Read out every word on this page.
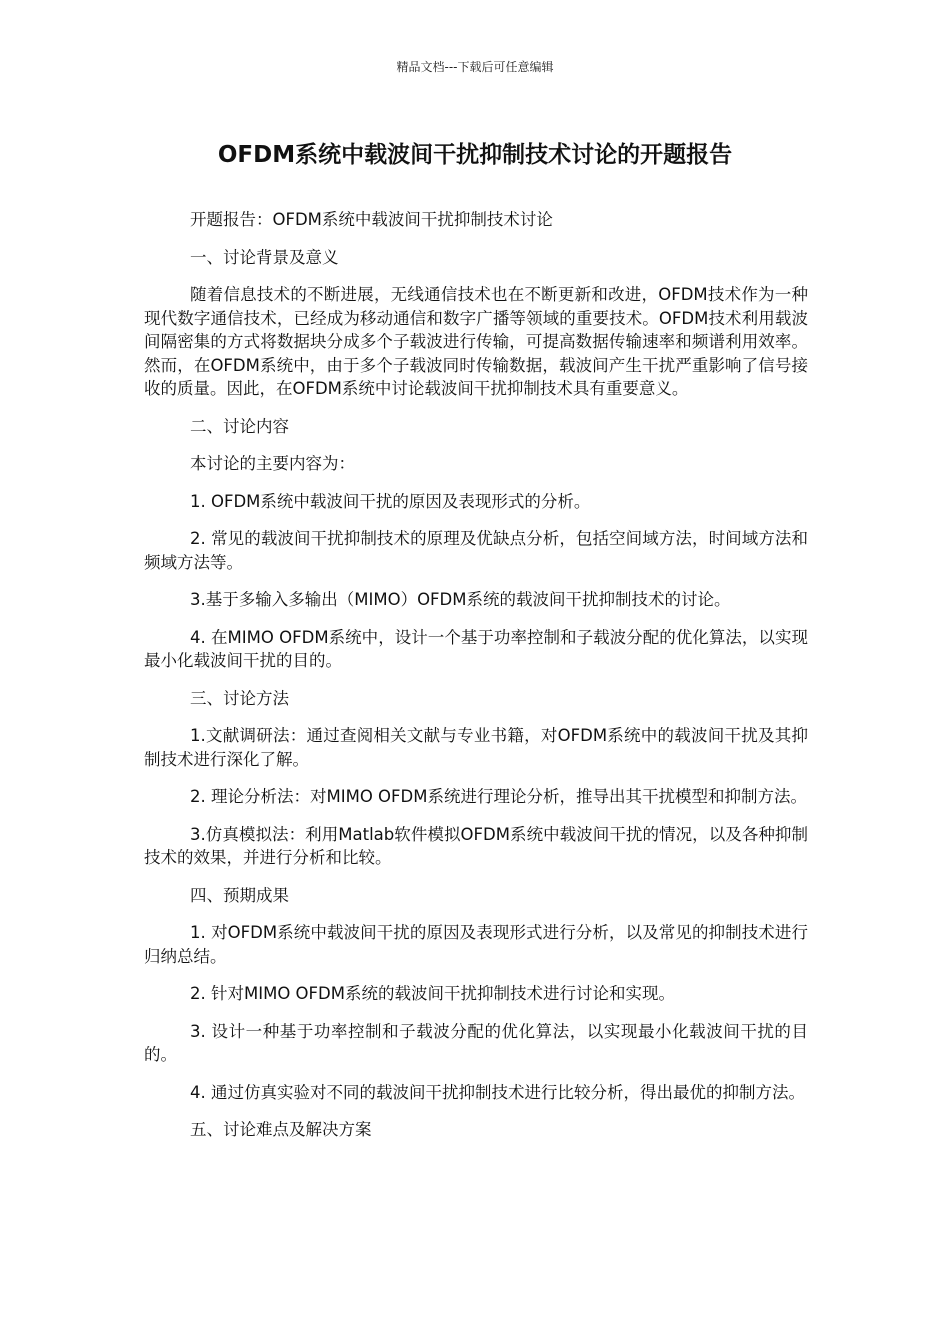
精品文档---下载后可任意编辑
OFDM系统中载波间干扰抑制技术讨论的开题报告

开题报告：OFDM系统中载波间干扰抑制技术讨论

一、讨论背景及意义

随着信息技术的不断进展，无线通信技术也在不断更新和改进，OFDM技术作为一种现代数字通信技术，已经成为移动通信和数字广播等领域的重要技术。OFDM技术利用载波间隔密集的方式将数据块分成多个子载波进行传输，可提高数据传输速率和频谱利用效率。然而，在OFDM系统中，由于多个子载波同时传输数据，载波间产生干扰严重影响了信号接收的质量。因此，在OFDM系统中讨论载波间干扰抑制技术具有重要意义。

二、讨论内容

本讨论的主要内容为：

1. OFDM系统中载波间干扰的原因及表现形式的分析。

2. 常见的载波间干扰抑制技术的原理及优缺点分析，包括空间域方法，时间域方法和频域方法等。

3.基于多输入多输出（MIMO）OFDM系统的载波间干扰抑制技术的讨论。

4. 在MIMO OFDM系统中，设计一个基于功率控制和子载波分配的优化算法，以实现最小化载波间干扰的目的。

三、讨论方法

1.文献调研法：通过查阅相关文献与专业书籍，对OFDM系统中的载波间干扰及其抑制技术进行深化了解。

2. 理论分析法：对MIMO OFDM系统进行理论分析，推导出其干扰模型和抑制方法。

3.仿真模拟法：利用Matlab软件模拟OFDM系统中载波间干扰的情况，以及各种抑制技术的效果，并进行分析和比较。

四、预期成果

1. 对OFDM系统中载波间干扰的原因及表现形式进行分析，以及常见的抑制技术进行归纳总结。

2. 针对MIMO OFDM系统的载波间干扰抑制技术进行讨论和实现。

3. 设计一种基于功率控制和子载波分配的优化算法，以实现最小化载波间干扰的目的。

4. 通过仿真实验对不同的载波间干扰抑制技术进行比较分析，得出最优的抑制方法。

五、讨论难点及解决方案
